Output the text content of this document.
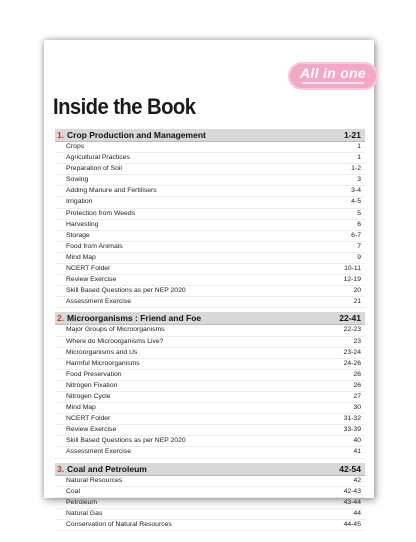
All in one
Inside the Book
1. Crop Production and Management	1-21
Crops	1
Agricultural Practices	1
Preparation of Soil	1-2
Sowing	3
Adding Manure and Fertilisers	3-4
Irrigation	4-5
Protection from Weeds	5
Harvesting	6
Storage	6-7
Food from Animals	7
Mind Map	9
NCERT Folder	10-11
Review Exercise	12-19
Skill Based Questions as per NEP 2020	20
Assessment Exercise	21
2. Microorganisms : Friend and Foe	22-41
Major Groups of Microorganisms	22-23
Where do Microorganisms Live?	23
Microorganisms and Us	23-24
Harmful Microorganisms	24-26
Food Preservation	26
Nitrogen Fixation	26
Nitrogen Cycle	27
Mind Map	30
NCERT Folder	31-32
Review Exercise	33-39
Skill Based Questions as per NEP 2020	40
Assessment Exercise	41
3. Coal and Petroleum	42-54
Natural Resources	42
Coal	42-43
Petroleum	43-44
Natural Gas	44
Conservation of Natural Resources	44-45
